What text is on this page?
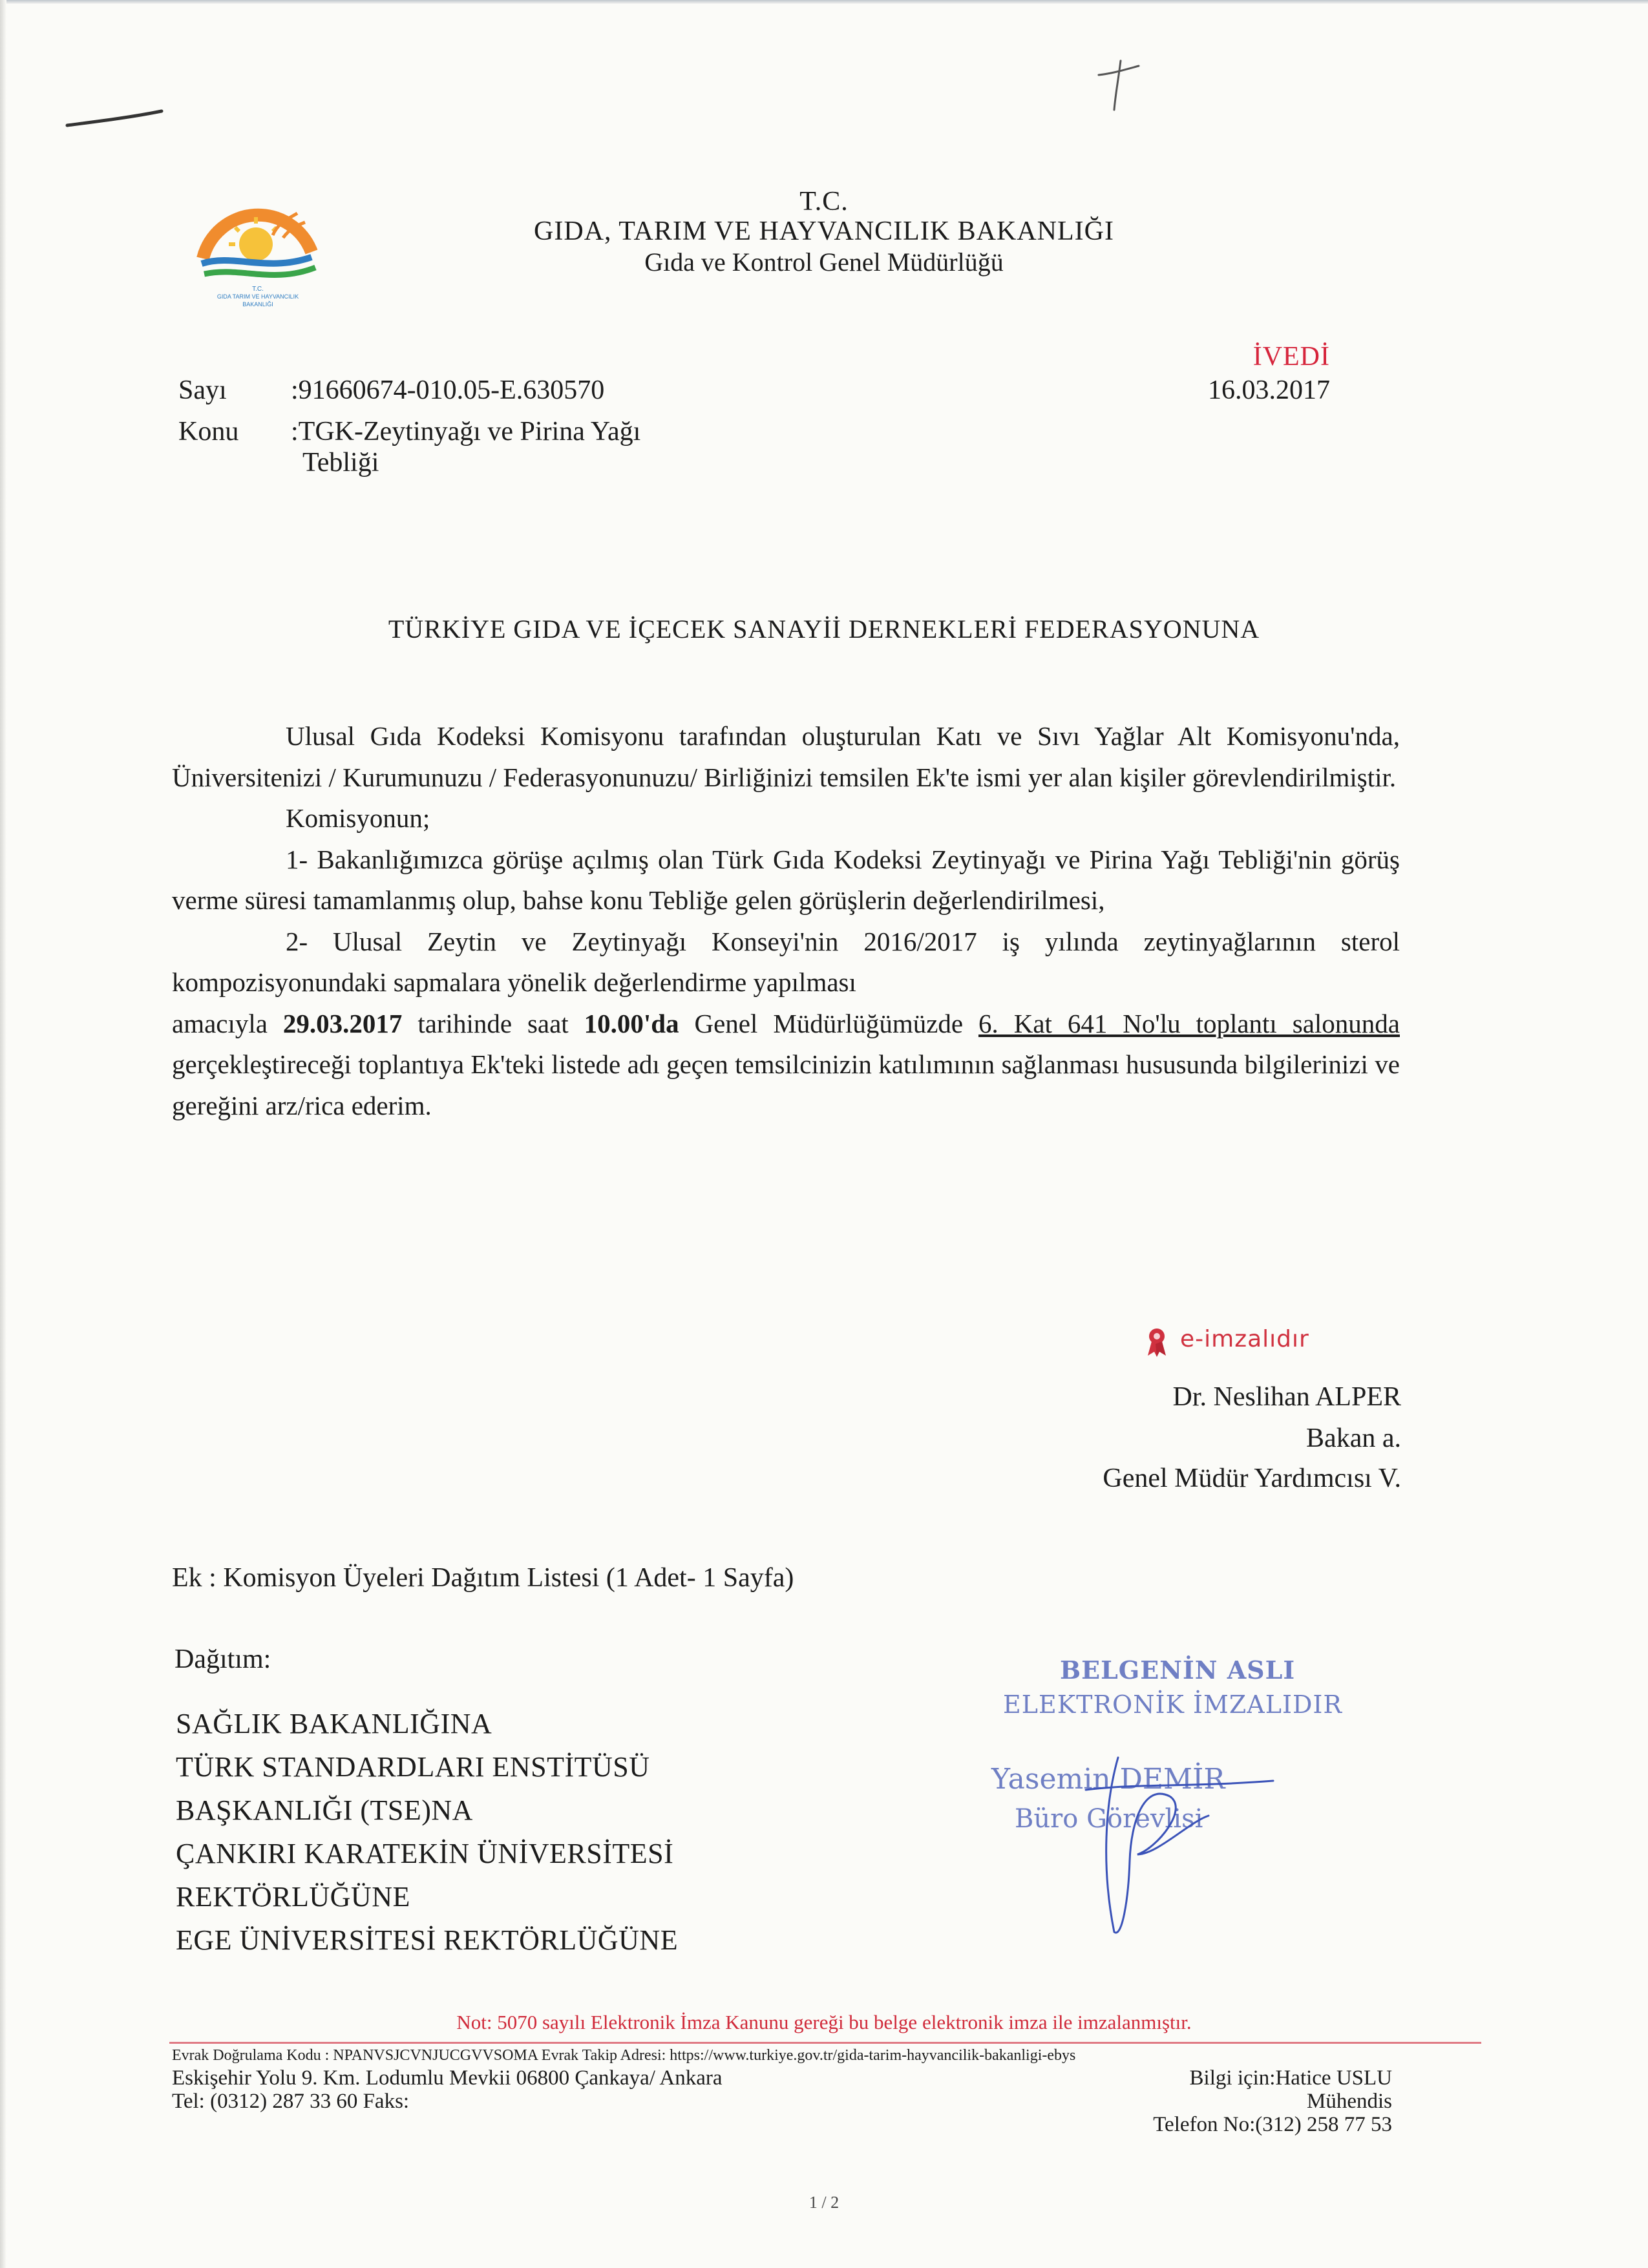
T.C.
GIDA TARIM VE HAYVANCILIK
BAKANLIĞI
T.C.
GIDA, TARIM VE HAYVANCILIK BAKANLIĞI
Gıda ve Kontrol Genel Müdürlüğü
İVEDİ
16.03.2017
Sayı :91660674-010.05-E.630570
Konu :TGK-Zeytinyağı ve Pirina Yağı
Tebliği
TÜRKİYE GIDA VE İÇECEK SANAYİİ DERNEKLERİ FEDERASYONUNA

Ulusal Gıda Kodeksi Komisyonu tarafından oluşturulan Katı ve Sıvı Yağlar Alt Komisyonu'nda, Üniversitenizi / Kurumunuzu / Federasyonunuzu/ Birliğinizi temsilen Ek'te ismi yer alan kişiler görevlendirilmiştir.

Komisyonun;

1- Bakanlığımızca görüşe açılmış olan Türk Gıda Kodeksi Zeytinyağı ve Pirina Yağı Tebliği'nin görüş verme süresi tamamlanmış olup, bahse konu Tebliğe gelen görüşlerin değerlendirilmesi,

2- Ulusal Zeytin ve Zeytinyağı Konseyi'nin 2016/2017 iş yılında zeytinyağlarının sterol kompozisyonundaki sapmalara yönelik değerlendirme yapılması

amacıyla 29.03.2017 tarihinde saat 10.00'da Genel Müdürlüğümüzde 6. Kat 641 No'lu toplantı salonunda gerçekleştireceği toplantıya Ek'teki listede adı geçen temsilcinizin katılımının sağlanması hususunda bilgilerinizi ve gereğini arz/rica ederim.

e-imzalıdır
Dr. Neslihan ALPER
Bakan a.
Genel Müdür Yardımcısı V.
Ek : Komisyon Üyeleri Dağıtım Listesi (1 Adet- 1 Sayfa)
Dağıtım:
SAĞLIK BAKANLIĞINA
TÜRK STANDARDLARI ENSTİTÜSÜ
BAŞKANLIĞI (TSE)NA
ÇANKIRI KARATEKİN ÜNİVERSİTESİ
REKTÖRLÜĞÜNE
EGE ÜNİVERSİTESİ REKTÖRLÜĞÜNE
BELGENİN ASLI
ELEKTRONİK İMZALIDIR
Yasemin DEMİR
Büro Görevlisi
Not: 5070 sayılı Elektronik İmza Kanunu gereği bu belge elektronik imza ile imzalanmıştır.
Evrak Doğrulama Kodu : NPANVSJCVNJUCGVVSOMA Evrak Takip Adresi: https://www.turkiye.gov.tr/gida-tarim-hayvancilik-bakanligi-ebys
Eskişehir Yolu 9. Km. Lodumlu Mevkii 06800 Çankaya/ Ankara
Tel: (0312) 287 33 60 Faks:
Bilgi için:Hatice USLU
Mühendis
Telefon No:(312) 258 77 53
1 / 2
